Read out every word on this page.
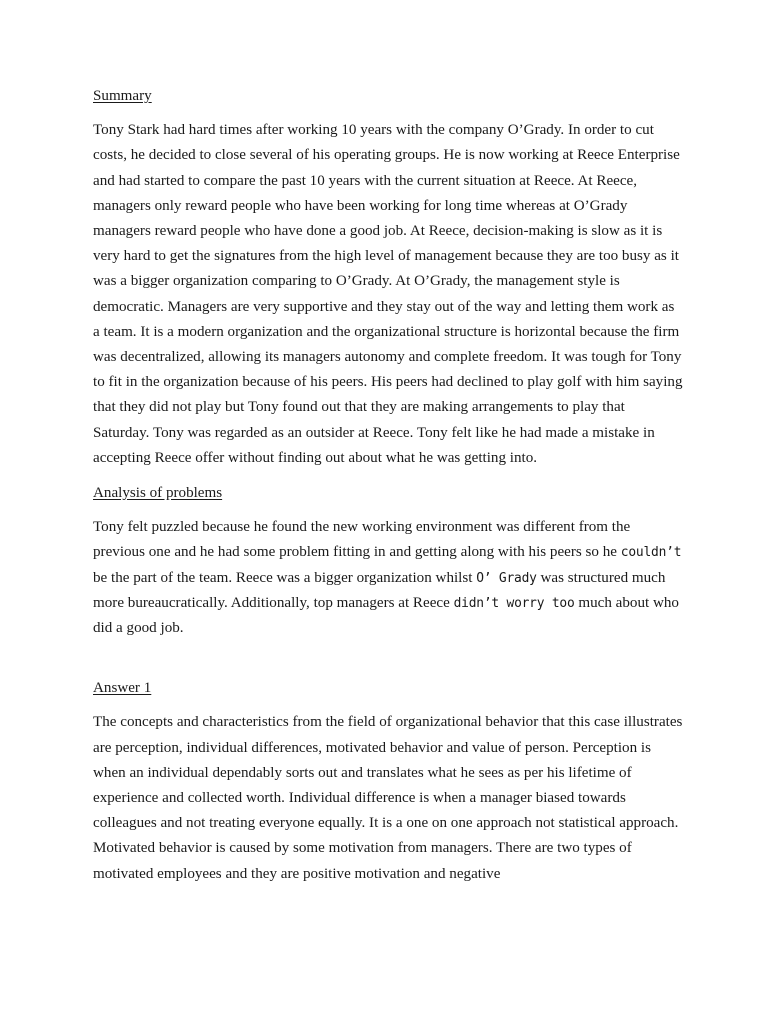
Summary

Tony Stark had hard times after working 10 years with the company O’Grady. In order to cut costs, he decided to close several of his operating groups. He is now working at Reece Enterprise and had started to compare the past 10 years with the current situation at Reece. At Reece, managers only reward people who have been working for long time whereas at O’Grady managers reward people who have done a good job. At Reece, decision-making is slow as it is very hard to get the signatures from the high level of management because they are too busy as it was a bigger organization comparing to O’Grady. At O’Grady, the management style is democratic. Managers are very supportive and they stay out of the way and letting them work as a team. It is a modern organization and the organizational structure is horizontal because the firm was decentralized, allowing its managers autonomy and complete freedom. It was tough for Tony to fit in the organization because of his peers. His peers had declined to play golf with him saying that they did not play but Tony found out that they are making arrangements to play that Saturday. Tony was regarded as an outsider at Reece. Tony felt like he had made a mistake in accepting Reece offer without finding out about what he was getting into.

Analysis of problems

Tony felt puzzled because he found the new working environment was different from the previous one and he had some problem fitting in and getting along with his peers so he couldn’t be the part of the team. Reece was a bigger organization whilst O’ Grady was structured much more bureaucratically. Additionally, top managers at Reece didn’t worry too much about who did a good job.

Answer 1

The concepts and characteristics from the field of organizational behavior that this case illustrates are perception, individual differences, motivated behavior and value of person. Perception is when an individual dependably sorts out and translates what he sees as per his lifetime of experience and collected worth. Individual difference is when a manager biased towards colleagues and not treating everyone equally. It is a one on one approach not statistical approach. Motivated behavior is caused by some motivation from managers. There are two types of motivated employees and they are positive motivation and negative
